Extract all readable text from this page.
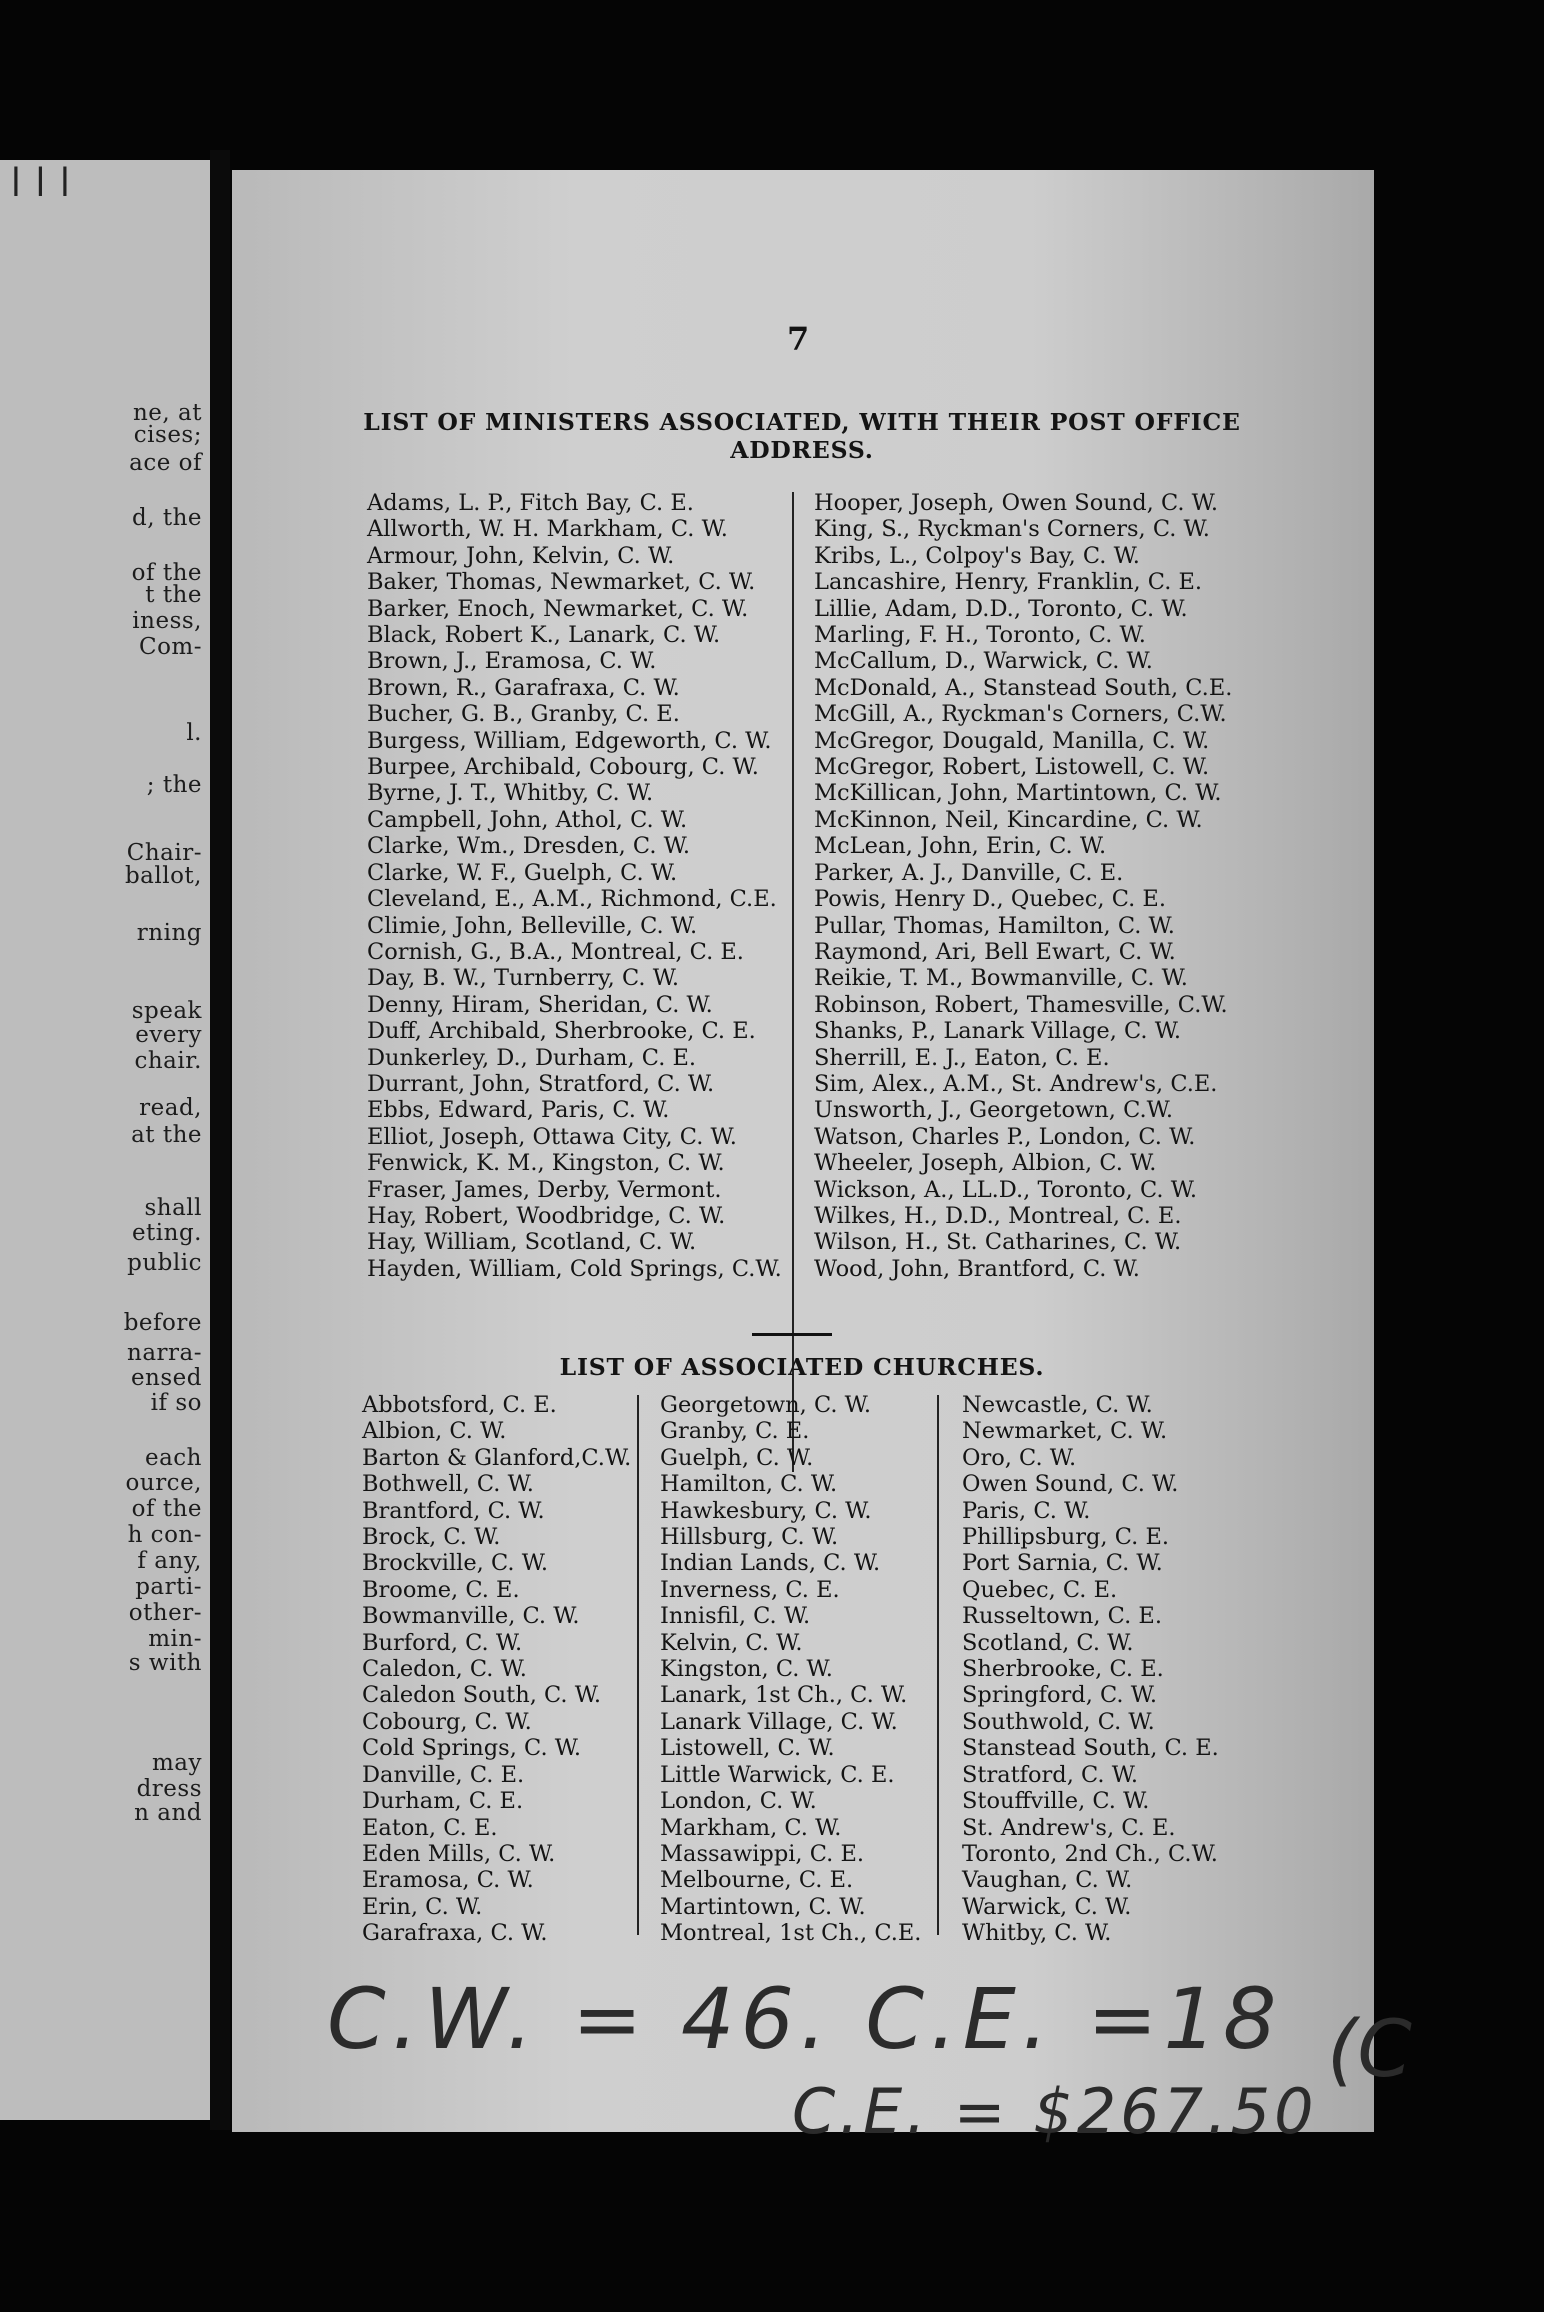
ǀ ǀ ǀ
ne, at
cises;
ace of
d, the
of the
t the
iness,
Com-
l.
; the
Chair-
ballot,
rning
speak
every
chair.
read,
at the
shall
eting.
public
before
narra-
ensed
if so
each
ource,
of the
h con-
f any,
parti-
other-
min-
s with
may
dress
n and
7
LIST OF MINISTERS ASSOCIATED, WITH THEIR POST OFFICE
ADDRESS.
Adams, L. P., Fitch Bay, C. E.
Allworth, W. H. Markham, C. W.
Armour, John, Kelvin, C. W.
Baker, Thomas, Newmarket, C. W.
Barker, Enoch, Newmarket, C. W.
Black, Robert K., Lanark, C. W.
Brown, J., Eramosa, C. W.
Brown, R., Garafraxa, C. W.
Bucher, G. B., Granby, C. E.
Burgess, William, Edgeworth, C. W.
Burpee, Archibald, Cobourg, C. W.
Byrne, J. T., Whitby, C. W.
Campbell, John, Athol, C. W.
Clarke, Wm., Dresden, C. W.
Clarke, W. F., Guelph, C. W.
Cleveland, E., A.M., Richmond, C.E.
Climie, John, Belleville, C. W.
Cornish, G., B.A., Montreal, C. E.
Day, B. W., Turnberry, C. W.
Denny, Hiram, Sheridan, C. W.
Duff, Archibald, Sherbrooke, C. E.
Dunkerley, D., Durham, C. E.
Durrant, John, Stratford, C. W.
Ebbs, Edward, Paris, C. W.
Elliot, Joseph, Ottawa City, C. W.
Fenwick, K. M., Kingston, C. W.
Fraser, James, Derby, Vermont.
Hay, Robert, Woodbridge, C. W.
Hay, William, Scotland, C. W.
Hayden, William, Cold Springs, C.W.
Hooper, Joseph, Owen Sound, C. W.
King, S., Ryckman's Corners, C. W.
Kribs, L., Colpoy's Bay, C. W.
Lancashire, Henry, Franklin, C. E.
Lillie, Adam, D.D., Toronto, C. W.
Marling, F. H., Toronto, C. W.
McCallum, D., Warwick, C. W.
McDonald, A., Stanstead South, C.E.
McGill, A., Ryckman's Corners, C.W.
McGregor, Dougald, Manilla, C. W.
McGregor, Robert, Listowell, C. W.
McKillican, John, Martintown, C. W.
McKinnon, Neil, Kincardine, C. W.
McLean, John, Erin, C. W.
Parker, A. J., Danville, C. E.
Powis, Henry D., Quebec, C. E.
Pullar, Thomas, Hamilton, C. W.
Raymond, Ari, Bell Ewart, C. W.
Reikie, T. M., Bowmanville, C. W.
Robinson, Robert, Thamesville, C.W.
Shanks, P., Lanark Village, C. W.
Sherrill, E. J., Eaton, C. E.
Sim, Alex., A.M., St. Andrew's, C.E.
Unsworth, J., Georgetown, C.W.
Watson, Charles P., London, C. W.
Wheeler, Joseph, Albion, C. W.
Wickson, A., LL.D., Toronto, C. W.
Wilkes, H., D.D., Montreal, C. E.
Wilson, H., St. Catharines, C. W.
Wood, John, Brantford, C. W.
LIST OF ASSOCIATED CHURCHES.
Abbotsford, C. E.
Albion, C. W.
Barton & Glanford,C.W.
Bothwell, C. W.
Brantford, C. W.
Brock, C. W.
Brockville, C. W.
Broome, C. E.
Bowmanville, C. W.
Burford, C. W.
Caledon, C. W.
Caledon South, C. W.
Cobourg, C. W.
Cold Springs, C. W.
Danville, C. E.
Durham, C. E.
Eaton, C. E.
Eden Mills, C. W.
Eramosa, C. W.
Erin, C. W.
Garafraxa, C. W.
Georgetown, C. W.
Granby, C. E.
Guelph, C. W.
Hamilton, C. W.
Hawkesbury, C. W.
Hillsburg, C. W.
Indian Lands, C. W.
Inverness, C. E.
Innisfil, C. W.
Kelvin, C. W.
Kingston, C. W.
Lanark, 1st Ch., C. W.
Lanark Village, C. W.
Listowell, C. W.
Little Warwick, C. E.
London, C. W.
Markham, C. W.
Massawippi, C. E.
Melbourne, C. E.
Martintown, C. W.
Montreal, 1st Ch., C.E.
Newcastle, C. W.
Newmarket, C. W.
Oro, C. W.
Owen Sound, C. W.
Paris, C. W.
Phillipsburg, C. E.
Port Sarnia, C. W.
Quebec, C. E.
Russeltown, C. E.
Scotland, C. W.
Sherbrooke, C. E.
Springford, C. W.
Southwold, C. W.
Stanstead South, C. E.
Stratford, C. W.
Stouffville, C. W.
St. Andrew's, C. E.
Toronto, 2nd Ch., C.W.
Vaughan, C. W.
Warwick, C. W.
Whitby, C. W.
C.W. = 46. C.E. =18
C.E. = $267.50
(C
